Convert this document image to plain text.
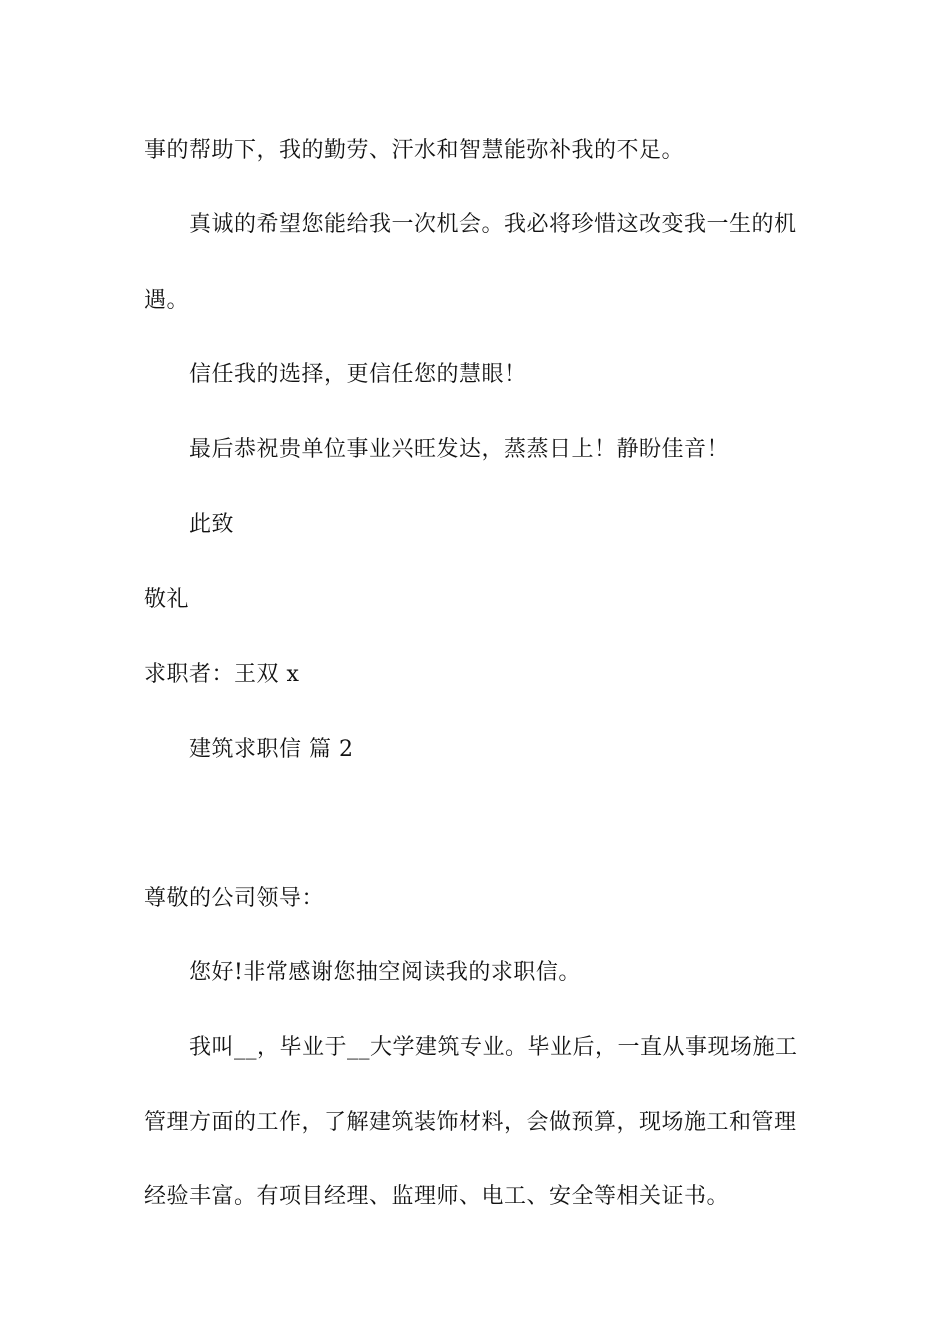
事的帮助下，我的勤劳、汗水和智慧能弥补我的不足。
真诚的希望您能给我一次机会。我必将珍惜这改变我一生的机
遇。
信任我的选择，更信任您的慧眼！
最后恭祝贵单位事业兴旺发达，蒸蒸日上！静盼佳音！
此致
敬礼
求职者：王双 x
建筑求职信 篇 2
尊敬的公司领导：
您好!非常感谢您抽空阅读我的求职信。
我叫__，毕业于__大学建筑专业。毕业后，一直从事现场施工
管理方面的工作，了解建筑装饰材料，会做预算，现场施工和管理
经验丰富。有项目经理、监理师、电工、安全等相关证书。
